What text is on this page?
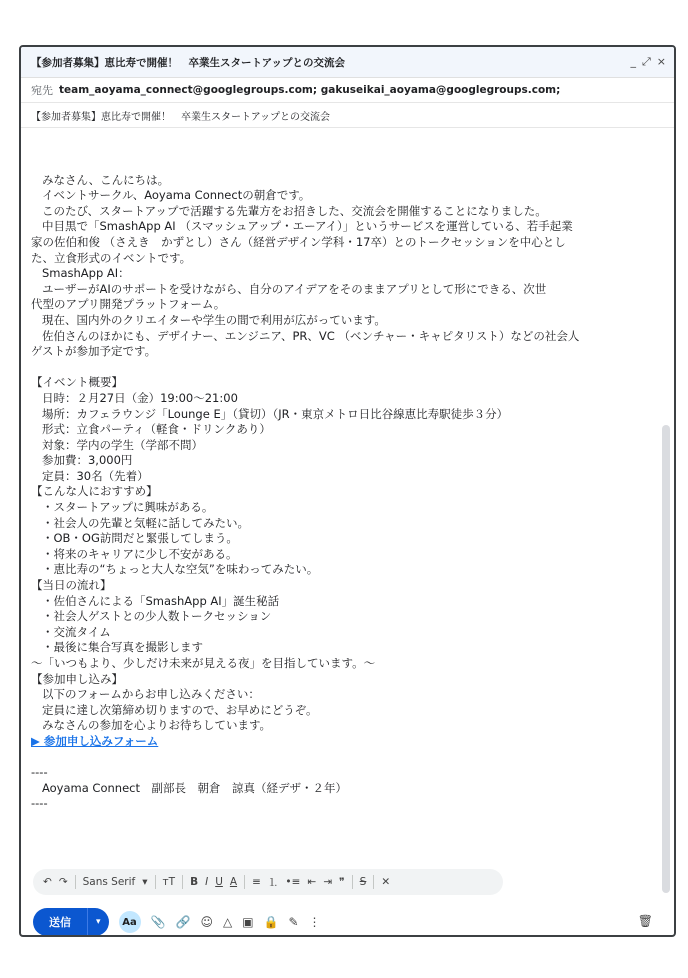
【参加者募集】恵比寿で開催！　卒業生スタートアップとの交流会	_ ⤢ ×
宛先 team_aoyama_connect@googlegroups.com; gakuseikai_aoyama@googlegroups.com;
【参加者募集】恵比寿で開催！　卒業生スタートアップとの交流会

みなさん、こんにちは。
イベントサークル、Aoyama Connectの朝倉です。
このたび、スタートアップで活躍する先輩方をお招きした、交流会を開催することになりました。
中目黒で「SmashApp AI （スマッシュアップ・エーアイ）」というサービスを運営している、若手起業
家の佐伯和俊 （さえき　かずとし）さん（経営デザイン学科・17卒）とのトークセッションを中心とし
た、立食形式のイベントです。
SmashApp AI：
ユーザーがAIのサポートを受けながら、自分のアイデアをそのままアプリとして形にできる、次世
代型のアプリ開発プラットフォーム。
現在、国内外のクリエイターや学生の間で利用が広がっています。
佐伯さんのほかにも、デザイナー、エンジニア、PR、VC （ベンチャー・キャピタリスト）などの社会人
ゲストが参加予定です。

【イベント概要】
日時：２月27日（金）19:00〜21:00
場所：カフェラウンジ「Lounge E」（貸切）（JR・東京メトロ日比谷線恵比寿駅徒歩３分）
形式：立食パーティ（軽食・ドリンクあり）
対象：学内の学生（学部不問）
参加費：3,000円
定員：30名（先着）
【こんな人におすすめ】
・スタートアップに興味がある。
・社会人の先輩と気軽に話してみたい。
・OB・OG訪問だと緊張してしまう。
・将来のキャリアに少し不安がある。
・恵比寿の“ちょっと大人な空気”を味わってみたい。
【当日の流れ】
・佐伯さんによる「SmashApp AI」誕生秘話
・社会人ゲストとの少人数トークセッション
・交流タイム
・最後に集合写真を撮影します
〜「いつもより、少しだけ未来が見える夜」を目指しています。〜
【参加申し込み】
以下のフォームからお申し込みください：
定員に達し次第締め切りますので、お早めにどうぞ。
みなさんの参加を心よりお待ちしています。
▶ 参加申し込みフォーム

----
Aoyama Connect　副部長　朝倉　諒真（経デザ・２年）
----

↶ ↷ Sans Serif ▾ тT B I U A ≡ ⒈ •≡ ⇤ ⇥ ❞ S ✕
送信	▾	Aa	📎 🔗 ☺ △ ▣ 🔒 ✎ ⋮	🗑
